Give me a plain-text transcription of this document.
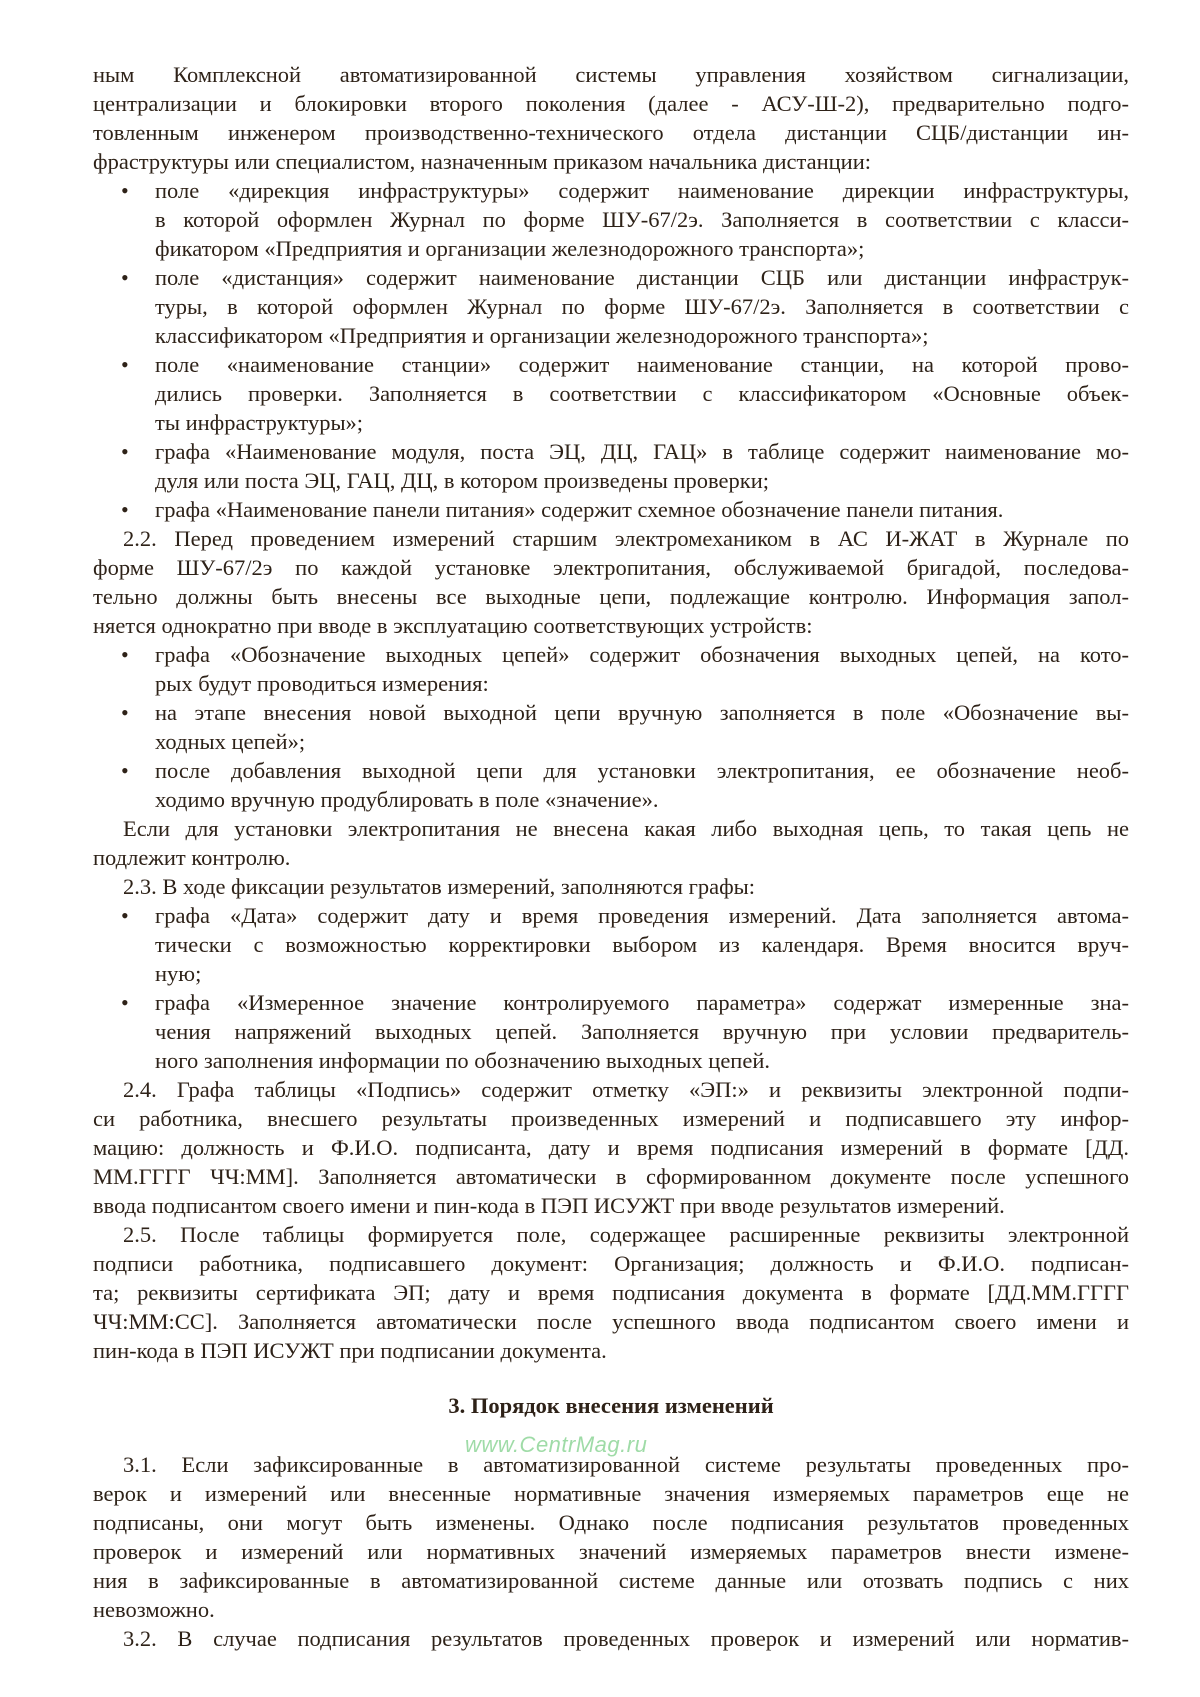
ным Комплексной автоматизированной системы управления хозяйством сигнализации,
централизации и блокировки второго поколения (далее - АСУ-Ш-2), предварительно подго-
товленным инженером производственно-технического отдела дистанции СЦБ/дистанции ин-
фраструктуры или специалистом, назначенным приказом начальника дистанции:
• поле «дирекция инфраструктуры» содержит наименование дирекции инфраструктуры,
в которой оформлен Журнал по форме ШУ-67/2э. Заполняется в соответствии с класси-
фикатором «Предприятия и организации железнодорожного транспорта»;
• поле «дистанция» содержит наименование дистанции СЦБ или дистанции инфраструк-
туры, в которой оформлен Журнал по форме ШУ-67/2э. Заполняется в соответствии с
классификатором «Предприятия и организации железнодорожного транспорта»;
• поле «наименование станции» содержит наименование станции, на которой прово-
дились проверки. Заполняется в соответствии с классификатором «Основные объек-
ты инфраструктуры»;
• графа «Наименование модуля, поста ЭЦ, ДЦ, ГАЦ» в таблице содержит наименование мо-
дуля или поста ЭЦ, ГАЦ, ДЦ, в котором произведены проверки;
• графа «Наименование панели питания» содержит схемное обозначение панели питания.
2.2. Перед проведением измерений старшим электромехаником в АС И-ЖАТ в Журнале по
форме ШУ-67/2э по каждой установке электропитания, обслуживаемой бригадой, последова-
тельно должны быть внесены все выходные цепи, подлежащие контролю. Информация запол-
няется однократно при вводе в эксплуатацию соответствующих устройств:
• графа «Обозначение выходных цепей» содержит обозначения выходных цепей, на кото-
рых будут проводиться измерения:
• на этапе внесения новой выходной цепи вручную заполняется в поле «Обозначение вы-
ходных цепей»;
• после добавления выходной цепи для установки электропитания, ее обозначение необ-
ходимо вручную продублировать в поле «значение».
Если для установки электропитания не внесена какая либо выходная цепь, то такая цепь не
подлежит контролю.
2.3. В ходе фиксации результатов измерений, заполняются графы:
• графа «Дата» содержит дату и время проведения измерений. Дата заполняется автома-
тически с возможностью корректировки выбором из календаря. Время вносится вруч-
ную;
• графа «Измеренное значение контролируемого параметра» содержат измеренные зна-
чения напряжений выходных цепей. Заполняется вручную при условии предваритель-
ного заполнения информации по обозначению выходных цепей.
2.4. Графа таблицы «Подпись» содержит отметку «ЭП:» и реквизиты электронной подпи-
си работника, внесшего результаты произведенных измерений и подписавшего эту инфор-
мацию: должность и Ф.И.О. подписанта, дату и время подписания измерений в формате [ДД.
ММ.ГГГГ ЧЧ:ММ]. Заполняется автоматически в сформированном документе после успешного
ввода подписантом своего имени и пин-кода в ПЭП ИСУЖТ при вводе результатов измерений.
2.5. После таблицы формируется поле, содержащее расширенные реквизиты электронной
подписи работника, подписавшего документ: Организация; должность и Ф.И.О. подписан-
та; реквизиты сертификата ЭП; дату и время подписания документа в формате [ДД.ММ.ГГГГ
ЧЧ:ММ:СС]. Заполняется автоматически после успешного ввода подписантом своего имени и
пин-кода в ПЭП ИСУЖТ при подписании документа.
3. Порядок внесения изменений
3.1. Если зафиксированные в автоматизированной системе результаты проведенных про-
верок и измерений или внесенные нормативные значения измеряемых параметров еще не
подписаны, они могут быть изменены. Однако после подписания результатов проведенных
проверок и измерений или нормативных значений измеряемых параметров внести измене-
ния в зафиксированные в автоматизированной системе данные или отозвать подпись с них
невозможно.
3.2. В случае подписания результатов проведенных проверок и измерений или норматив-
www.CentrMag.ru
